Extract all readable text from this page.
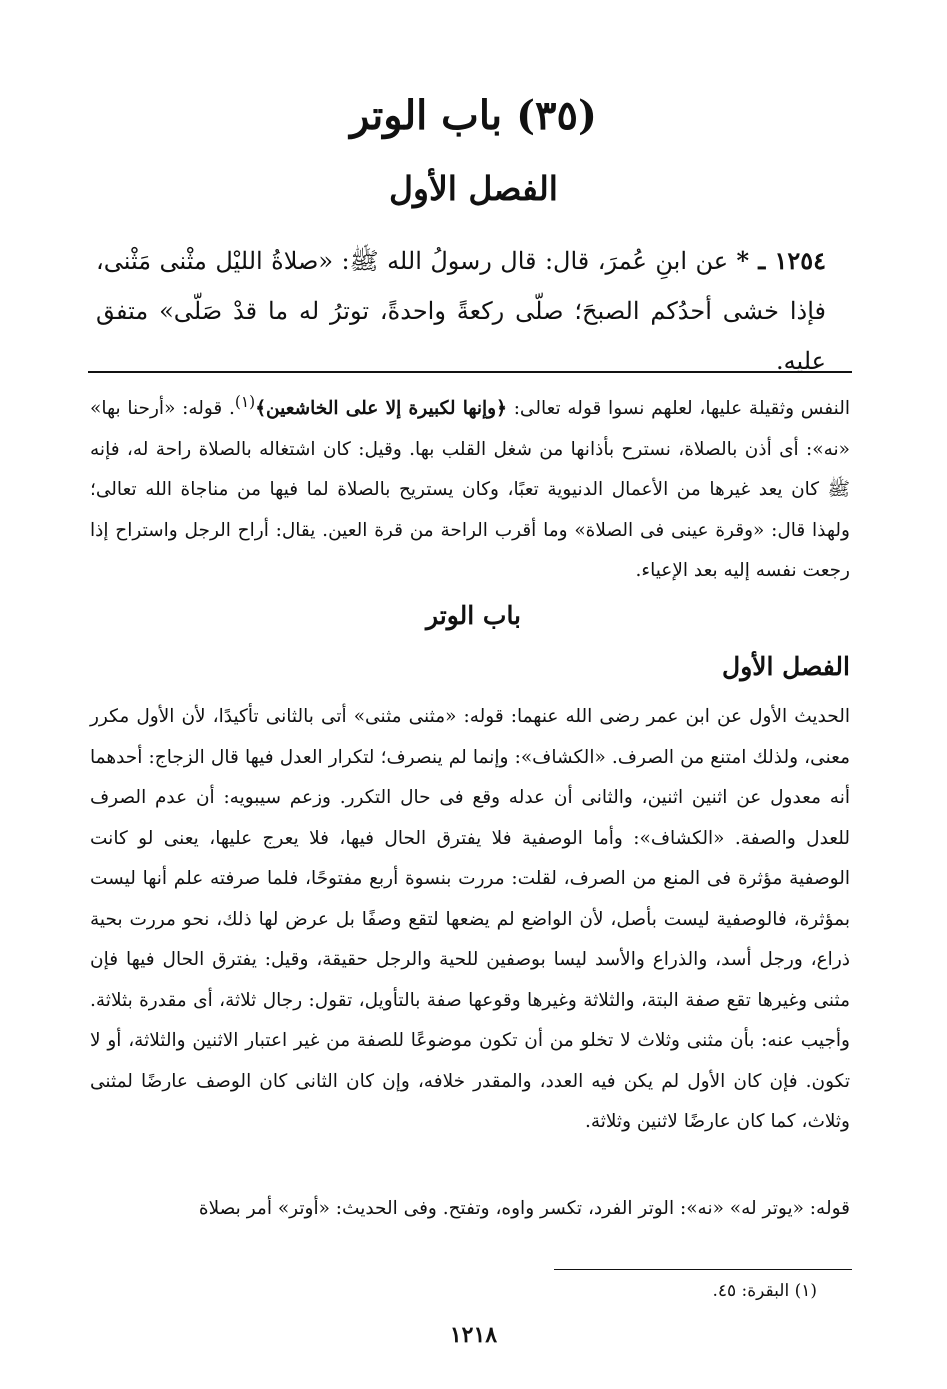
(٣٥) باب الوتر
الفصل الأول

١٢٥٤ ـ * عن ابنِ عُمرَ، قال: قال رسولُ الله ﷺ: «صلاةُ الليْل مثْنى مَثْنى، فإذا خشى أحدُكم الصبحَ؛ صلّى ركعةً واحدةً، توترُ له ما قدْ صَلّى» متفق عليه.

النفس وثقيلة عليها، لعلهم نسوا قوله تعالى: ﴿وإنها لكبيرة إلا على الخاشعين﴾$^{(١)}$. قوله: «أرحنا بها» «نه»: أى أذن بالصلاة، نسترح بأذانها من شغل القلب بها. وقيل: كان اشتغاله بالصلاة راحة له، فإنه ﷺ كان يعد غيرها من الأعمال الدنيوية تعبًا، وكان يستريح بالصلاة لما فيها من مناجاة الله تعالى؛ ولهذا قال: «وقرة عينى فى الصلاة» وما أقرب الراحة من قرة العين. يقال: أراح الرجل واستراح إذا رجعت نفسه إليه بعد الإعياء.

باب الوتر
الفصل الأول

الحديث الأول عن ابن عمر رضى الله عنهما: قوله: «مثنى مثنى» أتى بالثانى تأكيدًا، لأن الأول مكرر معنى، ولذلك امتنع من الصرف. «الكشاف»: وإنما لم ينصرف؛ لتكرار العدل فيها قال الزجاج: أحدهما أنه معدول عن اثنين اثنين، والثانى أن عدله وقع فى حال التكرر. وزعم سيبويه: أن عدم الصرف للعدل والصفة. «الكشاف»: وأما الوصفية فلا يفترق الحال فيها، فلا يعرج عليها، يعنى لو كانت الوصفية مؤثرة فى المنع من الصرف، لقلت: مررت بنسوة أربع مفتوحًا، فلما صرفته علم أنها ليست بمؤثرة، فالوصفية ليست بأصل، لأن الواضع لم يضعها لتقع وصفًا بل عرض لها ذلك، نحو مررت بحية ذراع، ورجل أسد، والذراع والأسد ليسا بوصفين للحية والرجل حقيقة، وقيل: يفترق الحال فيها فإن مثنى وغيرها تقع صفة البتة، والثلاثة وغيرها وقوعها صفة بالتأويل، تقول: رجال ثلاثة، أى مقدرة بثلاثة. وأجيب عنه: بأن مثنى وثلاث لا تخلو من أن تكون موضوعًا للصفة من غير اعتبار الاثنين والثلاثة، أو لا تكون. فإن كان الأول لم يكن فيه العدد، والمقدر خلافه، وإن كان الثانى كان الوصف عارضًا لمثنى وثلاث، كما كان عارضًا لاثنين وثلاثة.

قوله: «يوتر له» «نه»: الوتر الفرد، تكسر واوه، وتفتح. وفى الحديث: «أوتر» أمر بصلاة

(١) البقرة: ٤٥.

١٢١٨
